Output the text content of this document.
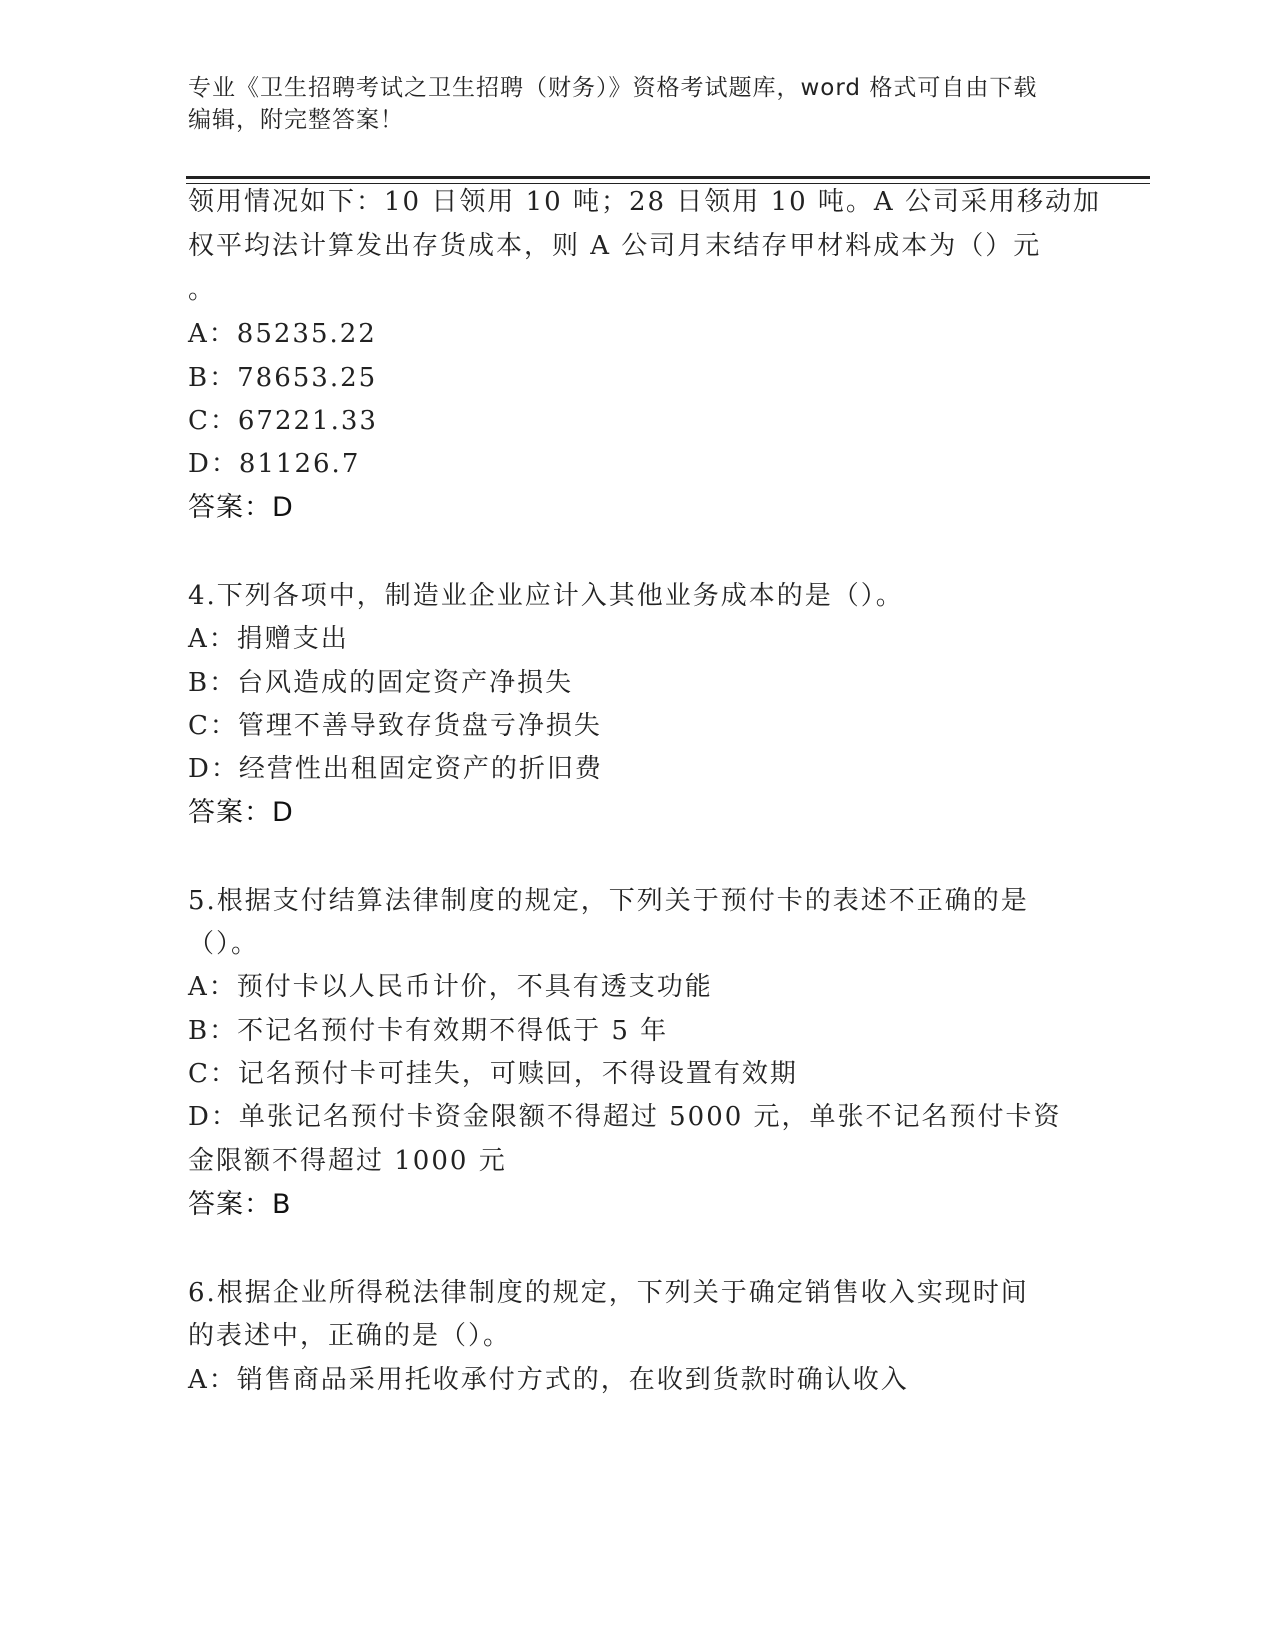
专业《卫生招聘考试之卫生招聘（财务）》资格考试题库，word 格式可自由下载
编辑，附完整答案！
领用情况如下：10 日领用 10 吨；28 日领用 10 吨。A 公司采用移动加
权平均法计算发出存货成本，则 A 公司月末结存甲材料成本为（）元
。
A：85235.22
B：78653.25
C：67221.33
D：81126.7
答案：D
4.下列各项中，制造业企业应计入其他业务成本的是（）。
A：捐赠支出
B：台风造成的固定资产净损失
C：管理不善导致存货盘亏净损失
D：经营性出租固定资产的折旧费
答案：D
5.根据支付结算法律制度的规定，下列关于预付卡的表述不正确的是
（）。
A：预付卡以人民币计价，不具有透支功能
B：不记名预付卡有效期不得低于 5 年
C：记名预付卡可挂失，可赎回，不得设置有效期
D：单张记名预付卡资金限额不得超过 5000 元，单张不记名预付卡资
金限额不得超过 1000 元
答案：B
6.根据企业所得税法律制度的规定，下列关于确定销售收入实现时间
的表述中，正确的是（）。
A：销售商品采用托收承付方式的，在收到货款时确认收入
